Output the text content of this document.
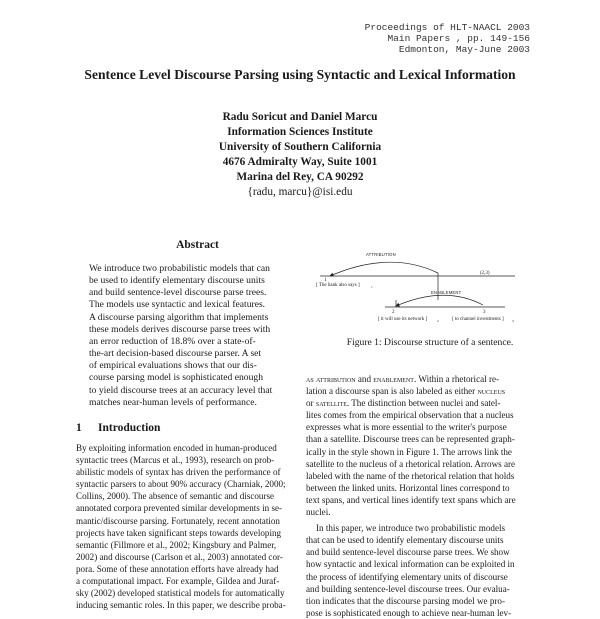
Proceedings of HLT-NAACL 2003
Main Papers , pp. 149-156
Edmonton, May-June 2003
Sentence Level Discourse Parsing using Syntactic and Lexical Information
Radu Soricut and Daniel Marcu
Information Sciences Institute
University of Southern California
4676 Admiralty Way, Suite 1001
Marina del Rey, CA 90292
{radu, marcu}@isi.edu
Abstract
We introduce two probabilistic models that can
be used to identify elementary discourse units
and build sentence-level discourse parse trees.
The models use syntactic and lexical features.
A discourse parsing algorithm that implements
these models derives discourse parse trees with
an error reduction of 18.8% over a state-of-
the-art decision-based discourse parser. A set
of empirical evaluations shows that our dis-
course parsing model is sophisticated enough
to yield discourse trees at an accuracy level that
matches near-human levels of performance.
1 Introduction
By exploiting information encoded in human-produced
syntactic trees (Marcus et al., 1993), research on prob-
abilistic models of syntax has driven the performance of
syntactic parsers to about 90% accuracy (Charniak, 2000;
Collins, 2000). The absence of semantic and discourse
annotated corpora prevented similar developments in se-
mantic/discourse parsing. Fortunately, recent annotation
projects have taken significant steps towards developing
semantic (Fillmore et al., 2002; Kingsbury and Palmer,
2002) and discourse (Carlson et al., 2003) annotated cor-
pora. Some of these annotation efforts have already had
a computational impact. For example, Gildea and Juraf-
sky (2002) developed statistical models for automatically
inducing semantic roles. In this paper, we describe proba-
ATTRIBUTION
(2,3)
1
[ The bank also says ]	1
ENABLEMENT
2
[ it will use its network ]	2
3
[ to channel investments ] 3
Figure 1: Discourse structure of a sentence.
as attribution and enablement. Within a rhetorical re-
lation a discourse span is also labeled as either nucleus
or satellite. The distinction between nuclei and satel-
lites comes from the empirical observation that a nucleus
expresses what is more essential to the writer's purpose
than a satellite. Discourse trees can be represented graph-
ically in the style shown in Figure 1. The arrows link the
satellite to the nucleus of a rhetorical relation. Arrows are
labeled with the name of the rhetorical relation that holds
between the linked units. Horizontal lines correspond to
text spans, and vertical lines identify text spans which are
nuclei.
In this paper, we introduce two probabilistic models
that can be used to identify elementary discourse units
and build sentence-level discourse parse trees. We show
how syntactic and lexical information can be exploited in
the process of identifying elementary units of discourse
and building sentence-level discourse trees. Our evalua-
tion indicates that the discourse parsing model we pro-
pose is sophisticated enough to achieve near-human lev-
